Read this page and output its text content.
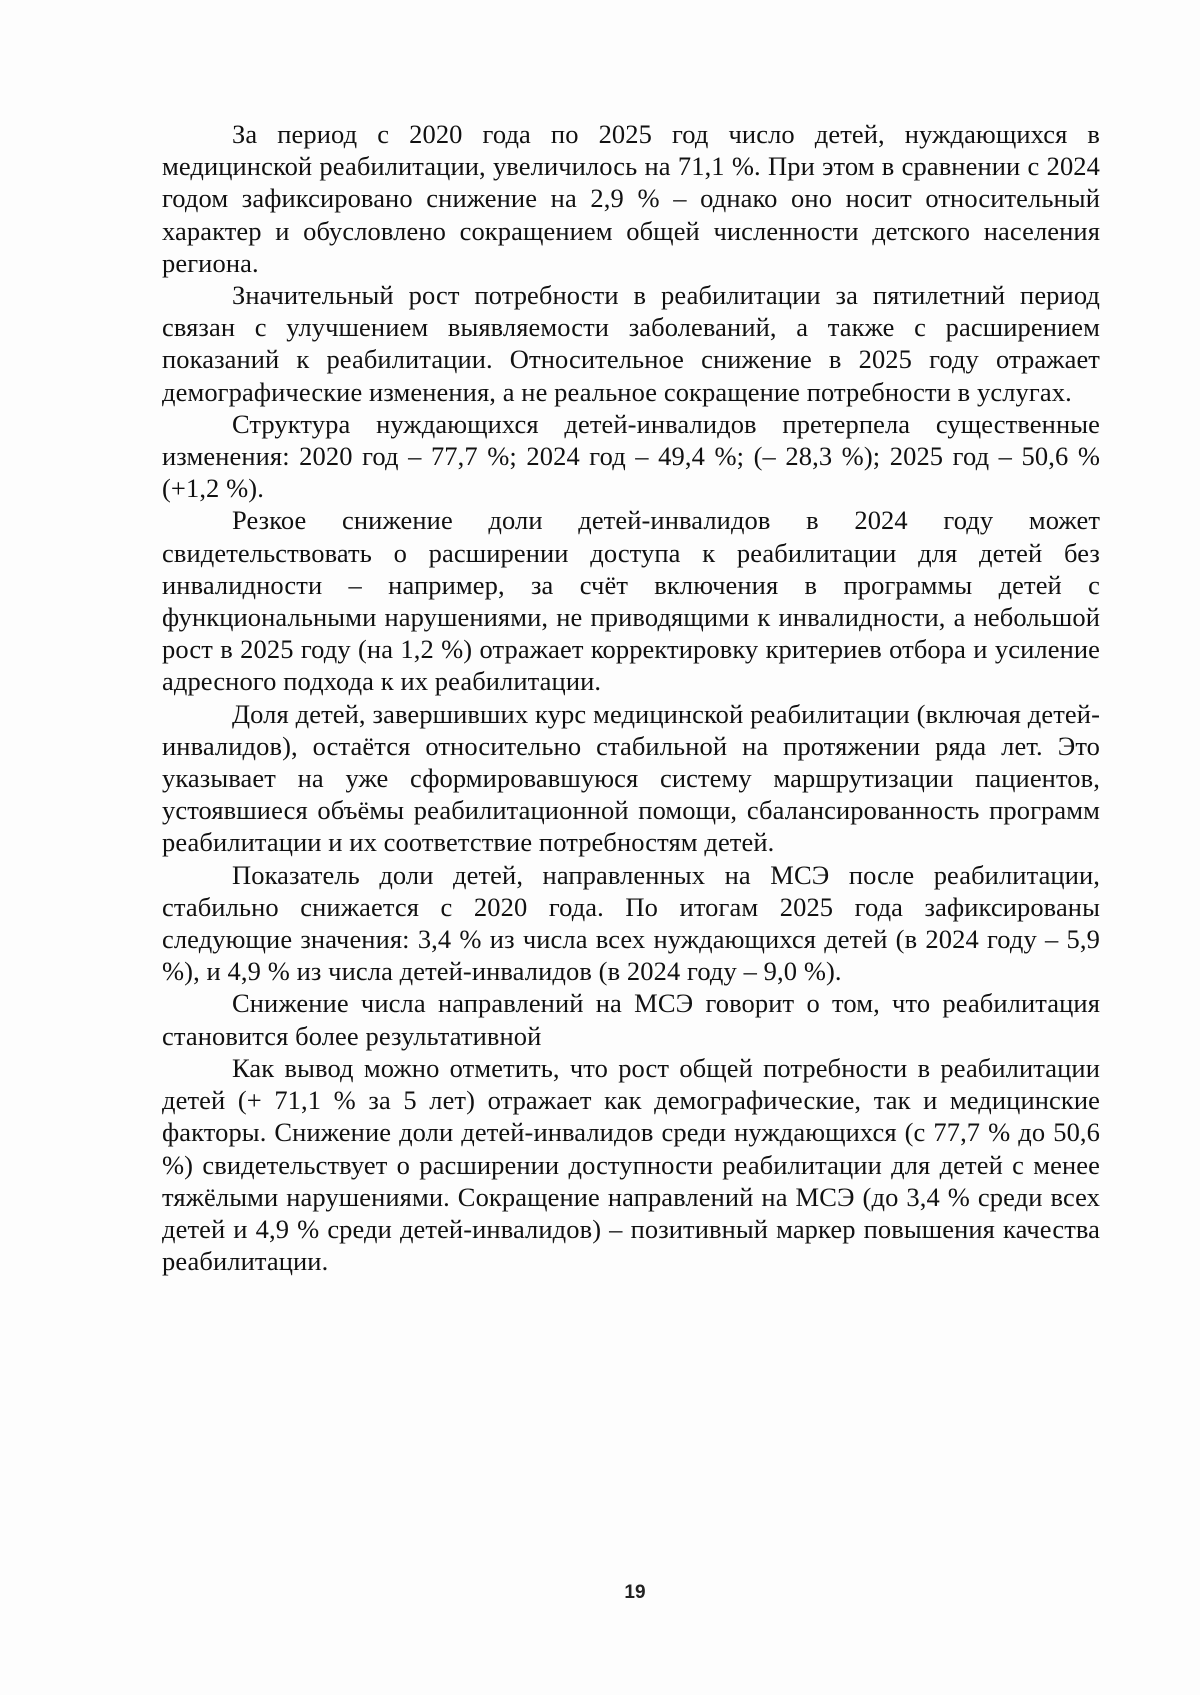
За период с 2020 года по 2025 год число детей, нуждающихся в медицинской реабилитации, увеличилось на 71,1 %. При этом в сравнении с 2024 годом зафиксировано снижение на 2,9 % – однако оно носит относительный характер и обусловлено сокращением общей численности детского населения региона.

Значительный рост потребности в реабилитации за пятилетний период связан с улучшением выявляемости заболеваний, а также с расширением показаний к реабилитации. Относительное снижение в 2025 году отражает демографические изменения, а не реальное сокращение потребности в услугах.

Структура нуждающихся детей-инвалидов претерпела существенные изменения: 2020 год – 77,7 %; 2024 год – 49,4 %; (– 28,3 %); 2025 год – 50,6 % (+1,2 %).

Резкое снижение доли детей-инвалидов в 2024 году может свидетельствовать о расширении доступа к реабилитации для детей без инвалидности – например, за счёт включения в программы детей с функциональными нарушениями, не приводящими к инвалидности, а небольшой рост в 2025 году (на 1,2 %) отражает корректировку критериев отбора и усиление адресного подхода к их реабилитации.

Доля детей, завершивших курс медицинской реабилитации (включая детей-инвалидов), остаётся относительно стабильной на протяжении ряда лет. Это указывает на уже сформировавшуюся систему маршрутизации пациентов, устоявшиеся объёмы реабилитационной помощи, сбалансированность программ реабилитации и их соответствие потребностям детей.

Показатель доли детей, направленных на МСЭ после реабилитации, стабильно снижается с 2020 года. По итогам 2025 года зафиксированы следующие значения: 3,4 % из числа всех нуждающихся детей (в 2024 году – 5,9 %), и 4,9 % из числа детей-инвалидов (в 2024 году – 9,0 %).

Снижение числа направлений на МСЭ говорит о том, что реабилитация становится более результативной

Как вывод можно отметить, что рост общей потребности в реабилитации детей (+ 71,1 % за 5 лет) отражает как демографические, так и медицинские факторы. Снижение доли детей-инвалидов среди нуждающихся (с 77,7 % до 50,6 %) свидетельствует о расширении доступности реабилитации для детей с менее тяжёлыми нарушениями. Сокращение направлений на МСЭ (до 3,4 % среди всех детей и 4,9 % среди детей-инвалидов) – позитивный маркер повышения качества реабилитации.

19
